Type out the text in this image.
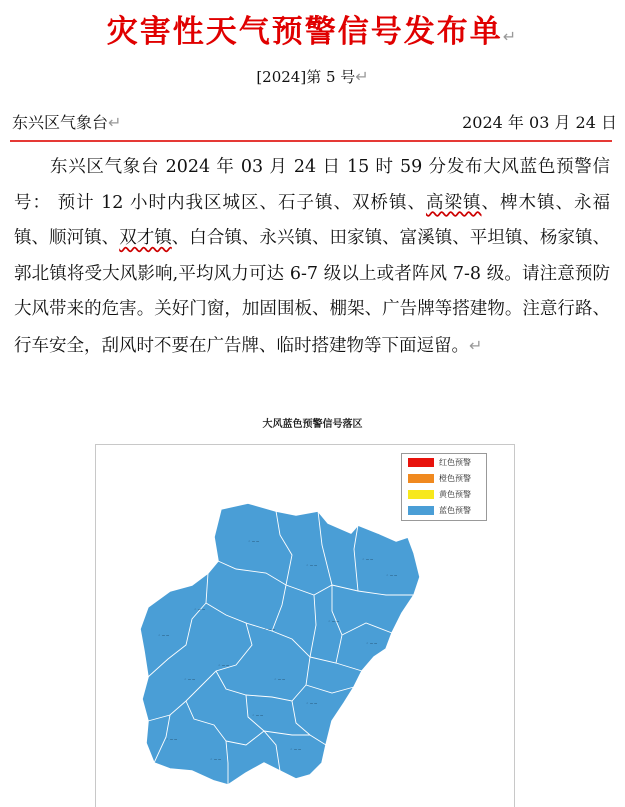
灾害性天气预警信号发布单↵
[2024]第 5 号↵
东兴区气象台↵	2024 年 03 月 24 日
东兴区气象台 2024 年 03 月 24 日 15 时 59 分发布大风蓝色预警信号： 预计 12 小时内我区城区、石子镇、双桥镇、高梁镇、椑木镇、永福镇、顺河镇、双才镇、白合镇、永兴镇、田家镇、富溪镇、平坦镇、杨家镇、郭北镇将受大风影响,平均风力可达 6-7 级以上或者阵风 7-8 级。请注意预防大风带来的危害。关好门窗，加固围板、棚架、广告牌等搭建物。注意行路、行车安全，刮风时不要在广告牌、临时搭建物等下面逗留。↵
大风蓝色预警信号落区
◦ ─ ─
◦ ─ ─
◦ ─ ─
◦ ─ ─
◦ ─ ─
◦ ─ ─
◦ ─ ─
◦ ─ ─
◦ ─ ─
◦ ─ ─
◦ ─ ─	◦ ─ ─
◦ ─ ─
◦ ─ ─
◦ ─ ─
◦ ─ ─
◦ ─ ─
红色预警
橙色预警
黄色预警
蓝色预警
